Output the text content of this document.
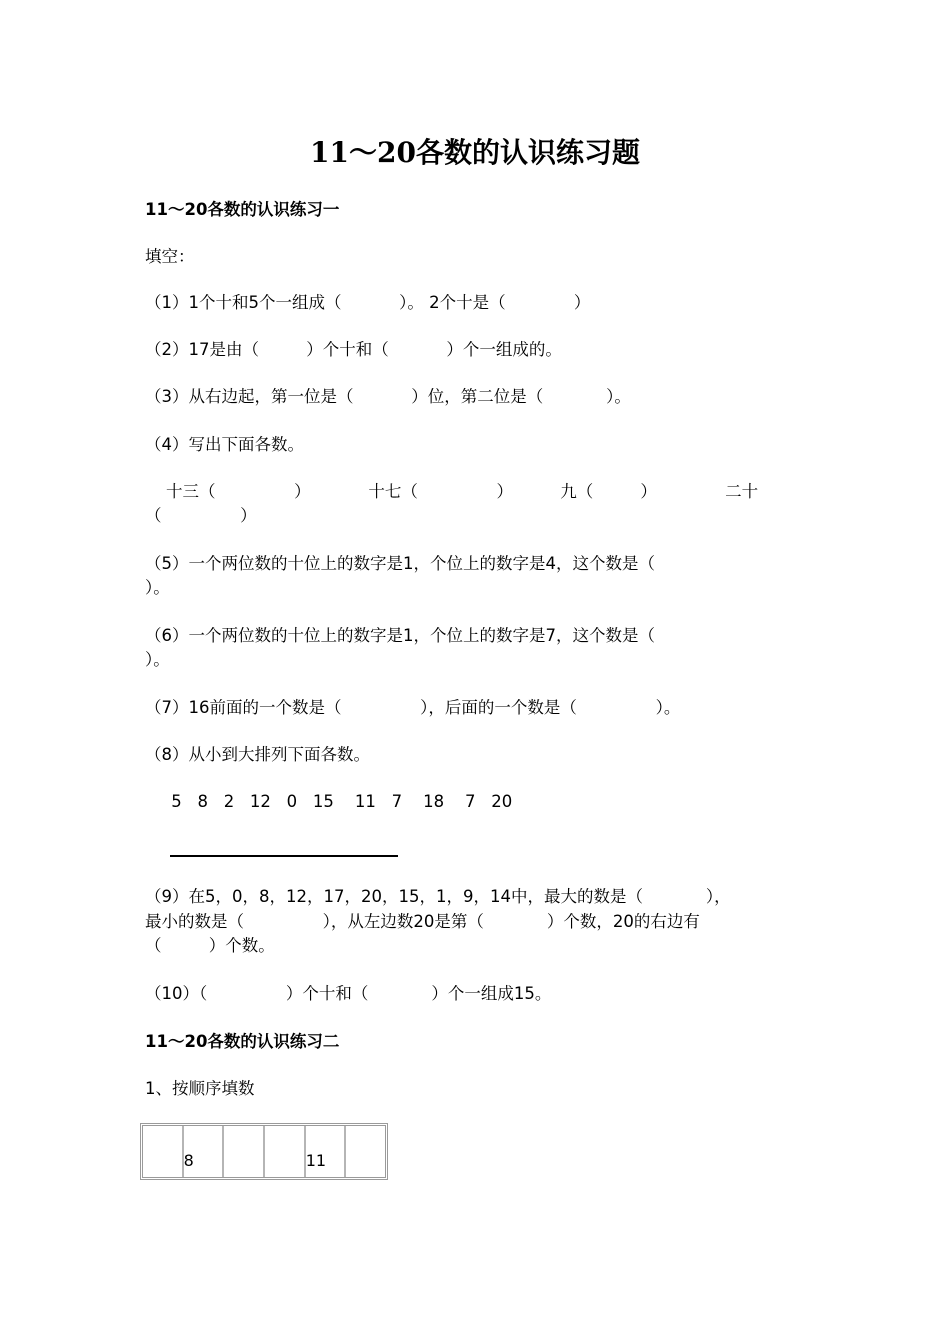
11～20各数的认识练习题
11～20各数的认识练习一
填空：
（1）1个十和5个一组成（           ）。 2个十是（             ）
（2）17是由（         ）个十和（           ）个一组成的。
（3）从右边起，第一位是（           ）位，第二位是（            ）。
（4）写出下面各数。
十三（               ）           十七（               ）         九（         ）             二十
（               ）
（5）一个两位数的十位上的数字是1，个位上的数字是4，这个数是（
）。
（6）一个两位数的十位上的数字是1，个位上的数字是7，这个数是（
）。
（7）16前面的一个数是（               ），后面的一个数是（               ）。
（8）从小到大排列下面各数。
5   8   2   12   0   15    11   7    18    7   20
（9）在5，0，8，12，17，20，15，1，9，14中，最大的数是（            ），
最小的数是（               ），从左边数20是第（            ）个数，20的右边有
（         ）个数。
（10）（               ）个十和（            ）个一组成15。
11～20各数的认识练习二
1、按顺序填数
8	11
